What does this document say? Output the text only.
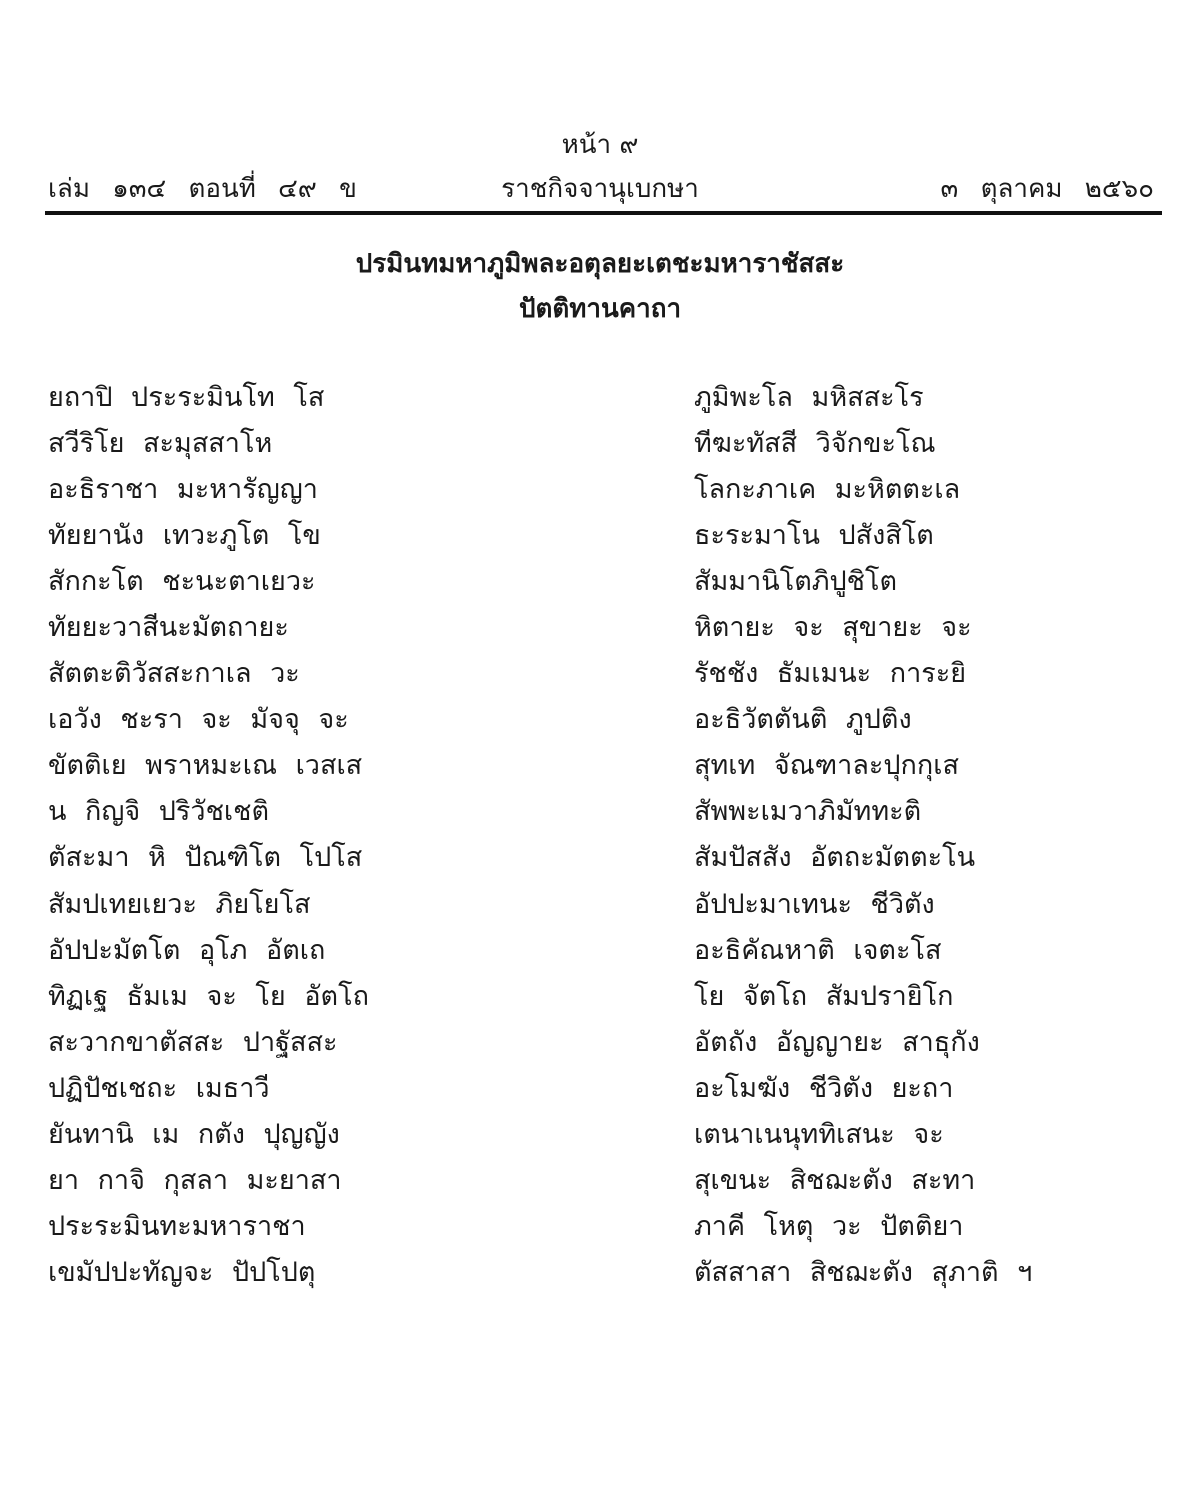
หน้า ๙
เล่ม ๑๓๔ ตอนที่ ๔๙ ข	ราชกิจจานุเบกษา	๓ ตุลาคม ๒๕๖๐
ปรมินทมหาภูมิพละอตุลยะเตชะมหาราชัสสะ
ปัตติทานคาถา
ยถาปิ ประระมินโท โส
สวีริโย สะมุสสาโห
อะธิราชา มะหารัญญา
ทัยยานัง เทวะภูโต โข
สักกะโต ชะนะตาเยวะ
ทัยยะวาสีนะมัตถายะ
สัตตะติวัสสะกาเล วะ
เอวัง ชะรา จะ มัจจุ จะ
ขัตติเย พราหมะเณ เวสเส
น กิญจิ ปริวัชเชติ
ตัสะมา หิ ปัณฑิโต โปโส
สัมปเทยเยวะ ภิยโยโส
อัปปะมัตโต อุโภ อัตเถ
ทิฏเฐ ธัมเม จะ โย อัตโถ
สะวากขาตัสสะ ปาฐัสสะ
ปฏิปัชเชถะ เมธาวี
ยันทานิ เม กตัง ปุญญัง
ยา กาจิ กุสลา มะยาสา
ประระมินทะมหาราชา
เขมัปปะทัญจะ ปัปโปตุ
ภูมิพะโล มหิสสะโร
ทีฆะทัสสี วิจักขะโณ
โลกะภาเค มะหิตตะเล
ธะระมาโน ปสังสิโต
สัมมานิโตภิปูชิโต
หิตายะ จะ สุขายะ จะ
รัชชัง ธัมเมนะ การะยิ
อะธิวัตตันติ ภูปติง
สุทเท จัณฑาละปุกกุเส
สัพพะเมวาภิมัททะติ
สัมปัสสัง อัตถะมัตตะโน
อัปปะมาเทนะ ชีวิตัง
อะธิคัณหาติ เจตะโส
โย จัตโถ สัมปรายิโก
อัตถัง อัญญายะ สาธุกัง
อะโมฆัง ชีวิตัง ยะถา
เตนาเนนุททิเสนะ จะ
สุเขนะ สิชฌะตัง สะทา
ภาคี โหตุ วะ ปัตติยา
ตัสสาสา สิชฌะตัง สุภาติ ฯ
